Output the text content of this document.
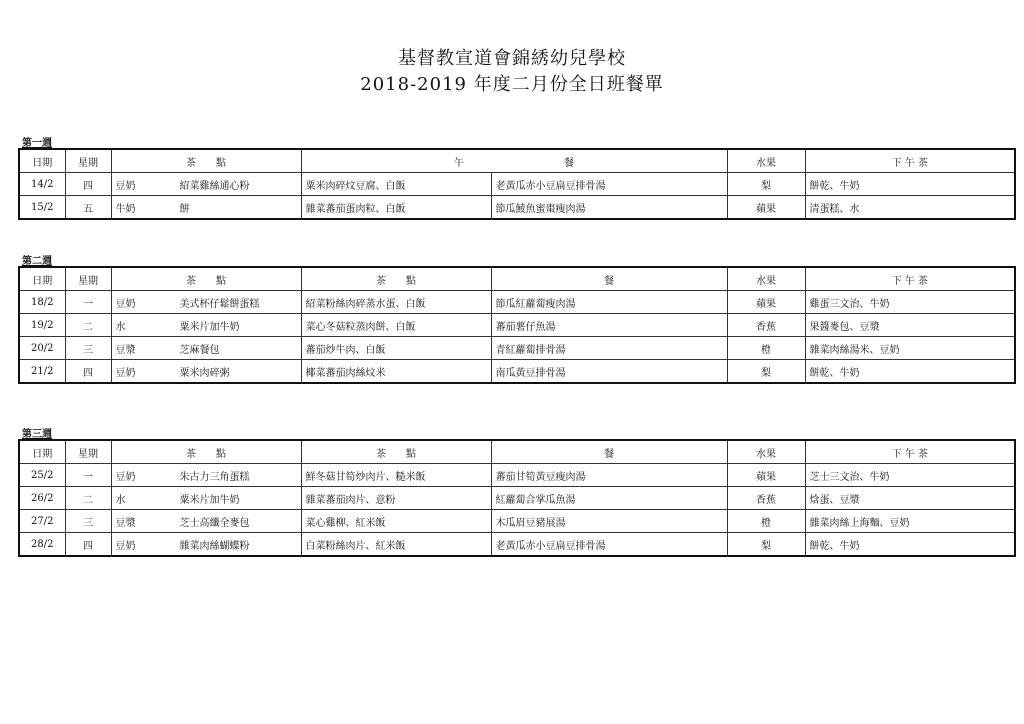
基督教宣道會錦綉幼兒學校
2018-2019 年度二月份全日班餐單
第一週
日期	星期	茶　　點	午　　　　　　　　　　餐		水果	下 午 茶
14/2	四	豆奶 紹菜雞絲通心粉	粟米肉碎炆豆腐、白飯	老黃瓜赤小豆扁豆排骨湯	梨	餅乾、牛奶
15/2	五	牛奶 餅	雜菜蕃茄蛋肉粒、白飯	節瓜鯪魚蜜棗瘦肉湯	蘋果	清蛋糕、水
第二週
日期	星期	茶　　點	茶　　點	餐	水果	下 午 茶
18/2	一	豆奶 美式杯仔鬆餅蛋糕	紹菜粉絲肉碎蒸水蛋、白飯	節瓜紅蘿蔔瘦肉湯	蘋果	雞蛋三文治、牛奶
19/2	二	水 粟米片加牛奶	菜心冬菇粒蒸肉餅、白飯	蕃茄薯仔魚湯	香蕉	果醬麥包、豆漿
20/2	三	豆漿 芝麻餐包	蕃茄炒牛肉、白飯	青紅蘿蔔排骨湯	橙	雜菜肉絲湯米、豆奶
21/2	四	豆奶 粟米肉碎粥	椰菜蕃茄肉絲炆米	南瓜黃豆排骨湯	梨	餅乾、牛奶
第三週
日期	星期	茶　　點	茶　　點	餐	水果	下 午 茶
25/2	一	豆奶 朱古力三角蛋糕	鮮冬菇甘筍炒肉片、糙米飯	蕃茄甘筍黃豆瘦肉湯	蘋果	芝士三文治、牛奶
26/2	二	水 粟米片加牛奶	雜菜蕃茄肉片、意粉	紅蘿蔔合掌瓜魚湯	香蕉	焓蛋、豆漿
27/2	三	豆漿 芝士高纖全麥包	菜心雞柳、紅米飯	木瓜眉豆豬展湯	橙	雜菜肉絲上海麵、豆奶
28/2	四	豆奶 雜菜肉絲蝴蝶粉	白菜粉絲肉片、紅米飯	老黃瓜赤小豆扁豆排骨湯	梨	餅乾、牛奶
